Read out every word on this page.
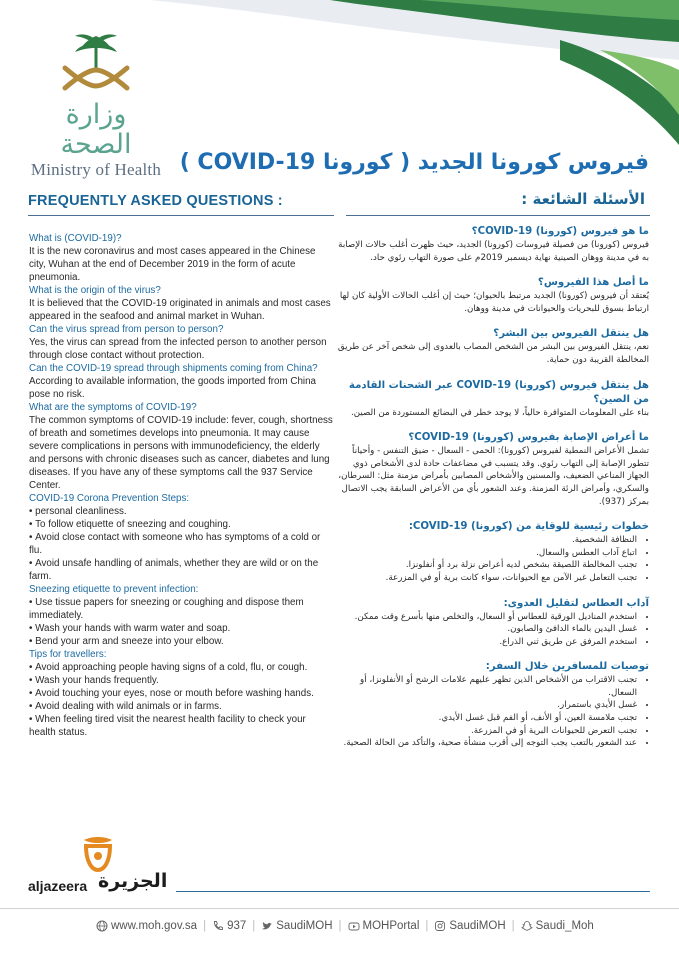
وزارة الصحة
Ministry of Health فيروس كورونا الجديد ( كورونا COVID-19 )
FREQUENTLY ASKED QUESTIONS :	الأسئلة الشائعة :

What is (COVID-19)?

It is the new coronavirus and most cases appeared in the Chinese city, Wuhan at the end of December 2019 in the form of acute pneumonia.

What is the origin of the virus?

It is believed that the COVID-19 originated in animals and most cases appeared in the seafood and animal market in Wuhan.

Can the virus spread from person to person?

Yes, the virus can spread from the infected person to another person through close contact without protection.

Can the COVID-19 spread through shipments coming from China?

According to available information, the goods imported from China pose no risk.

What are the symptoms of COVID-19?

The common symptoms of COVID-19 include: fever, cough, shortness of breath and sometimes develops into pneumonia. It may cause severe complications in persons with immunodeficiency, the elderly and persons with chronic diseases such as cancer, diabetes and lung diseases. If you have any of these symptoms call the 937 Service Center.

COVID-19 Corona Prevention Steps:

• personal cleanliness.
• To follow etiquette of sneezing and coughing.
• Avoid close contact with someone who has symptoms of a cold or flu.
• Avoid unsafe handling of animals, whether they are wild or on the farm.

Sneezing etiquette to prevent infection:

• Use tissue papers for sneezing or coughing and dispose them immediately.
• Wash your hands with warm water and soap.
• Bend your arm and sneeze into your elbow.

Tips for travellers:

• Avoid approaching people having signs of a cold, flu, or cough.
• Wash your hands frequently.
• Avoid touching your eyes, nose or mouth before washing hands.
• Avoid dealing with wild animals or in farms.
• When feeling tired visit the nearest health facility to check your health status.

ما هو فيروس (كورونا) COVID-19؟

فيروس (كورونا) من فصيلة فيروسات (كورونا) الجديد، حيث ظهرت أغلب حالات الإصابة به في مدينة ووهان الصينية نهاية ديسمبر 2019م على صورة التهاب رئوي حاد.

ما أصل هذا الفيروس؟

يُعتقد أن فيروس (كورونا) الجديد مرتبط بالحيوان؛ حيث إن أغلب الحالات الأولية كان لها ارتباط بسوق للبحريات والحيوانات في مدينة ووهان.

هل ينتقل الفيروس بين البشر؟

نعم، ينتقل الفيروس بين البشر من الشخص المصاب بالعدوى إلى شخص آخر عن طريق المخالطة القريبة دون حماية.

هل ينتقل فيروس (كورونا) COVID-19 عبر الشحنات القادمة من الصين؟

بناء على المعلومات المتوافرة حالياً، لا يوجد خطر في البضائع المستوردة من الصين.

ما أعراض الإصابة بفيروس (كورونا) COVID-19؟

تشمل الأعراض النمطية لفيروس (كورونا): الحمى - السعال - ضيق التنفس - وأحياناً تتطور الإصابة إلى التهاب رئوي. وقد يتسبب في مضاعفات حادة لدى الأشخاص ذوي الجهاز المناعي الضعيف، والمسنين والأشخاص المصابين بأمراض مزمنة مثل: السرطان، والسكري، وأمراض الرئة المزمنة. وعند الشعور بأي من الأعراض السابقة يجب الاتصال بمركز (937).

خطوات رئيسية للوقاية من (كورونا) COVID-19:

• النظافة الشخصية.
• اتباع آداب العطس والسعال.
• تجنب المخالطة اللصيقة بشخص لديه أعراض نزلة برد أو أنفلونزا.
• تجنب التعامل غير الآمن مع الحيوانات، سواء كانت برية أو في المزرعة.

آداب العطاس لتقليل العدوى:

• استخدم المناديل الورقية للعطاس أو السعال، والتخلص منها بأسرع وقت ممكن.
• غسل اليدين بالماء الدافئ والصابون.
• استخدم المرفق عن طريق ثني الذراع.

توصيات للمسافرين خلال السفر:

• تجنب الاقتراب من الأشخاص الذين تظهر عليهم علامات الرشح أو الأنفلونزا، أو السعال.
• غسل الأيدي باستمرار.
• تجنب ملامسة العين، أو الأنف، أو الفم قبل غسل الأيدي.
• تجنب التعرض للحيوانات البرية أو في المزرعة.
• عند الشعور بالتعب يجب التوجه إلى أقرب منشأة صحية، والتأكد من الحالة الصحية.
aljazeera الجزيرة
www.moh.gov.sa | 937 | SaudiMOH | MOHPortal | SaudiMOH | Saudi_Moh
